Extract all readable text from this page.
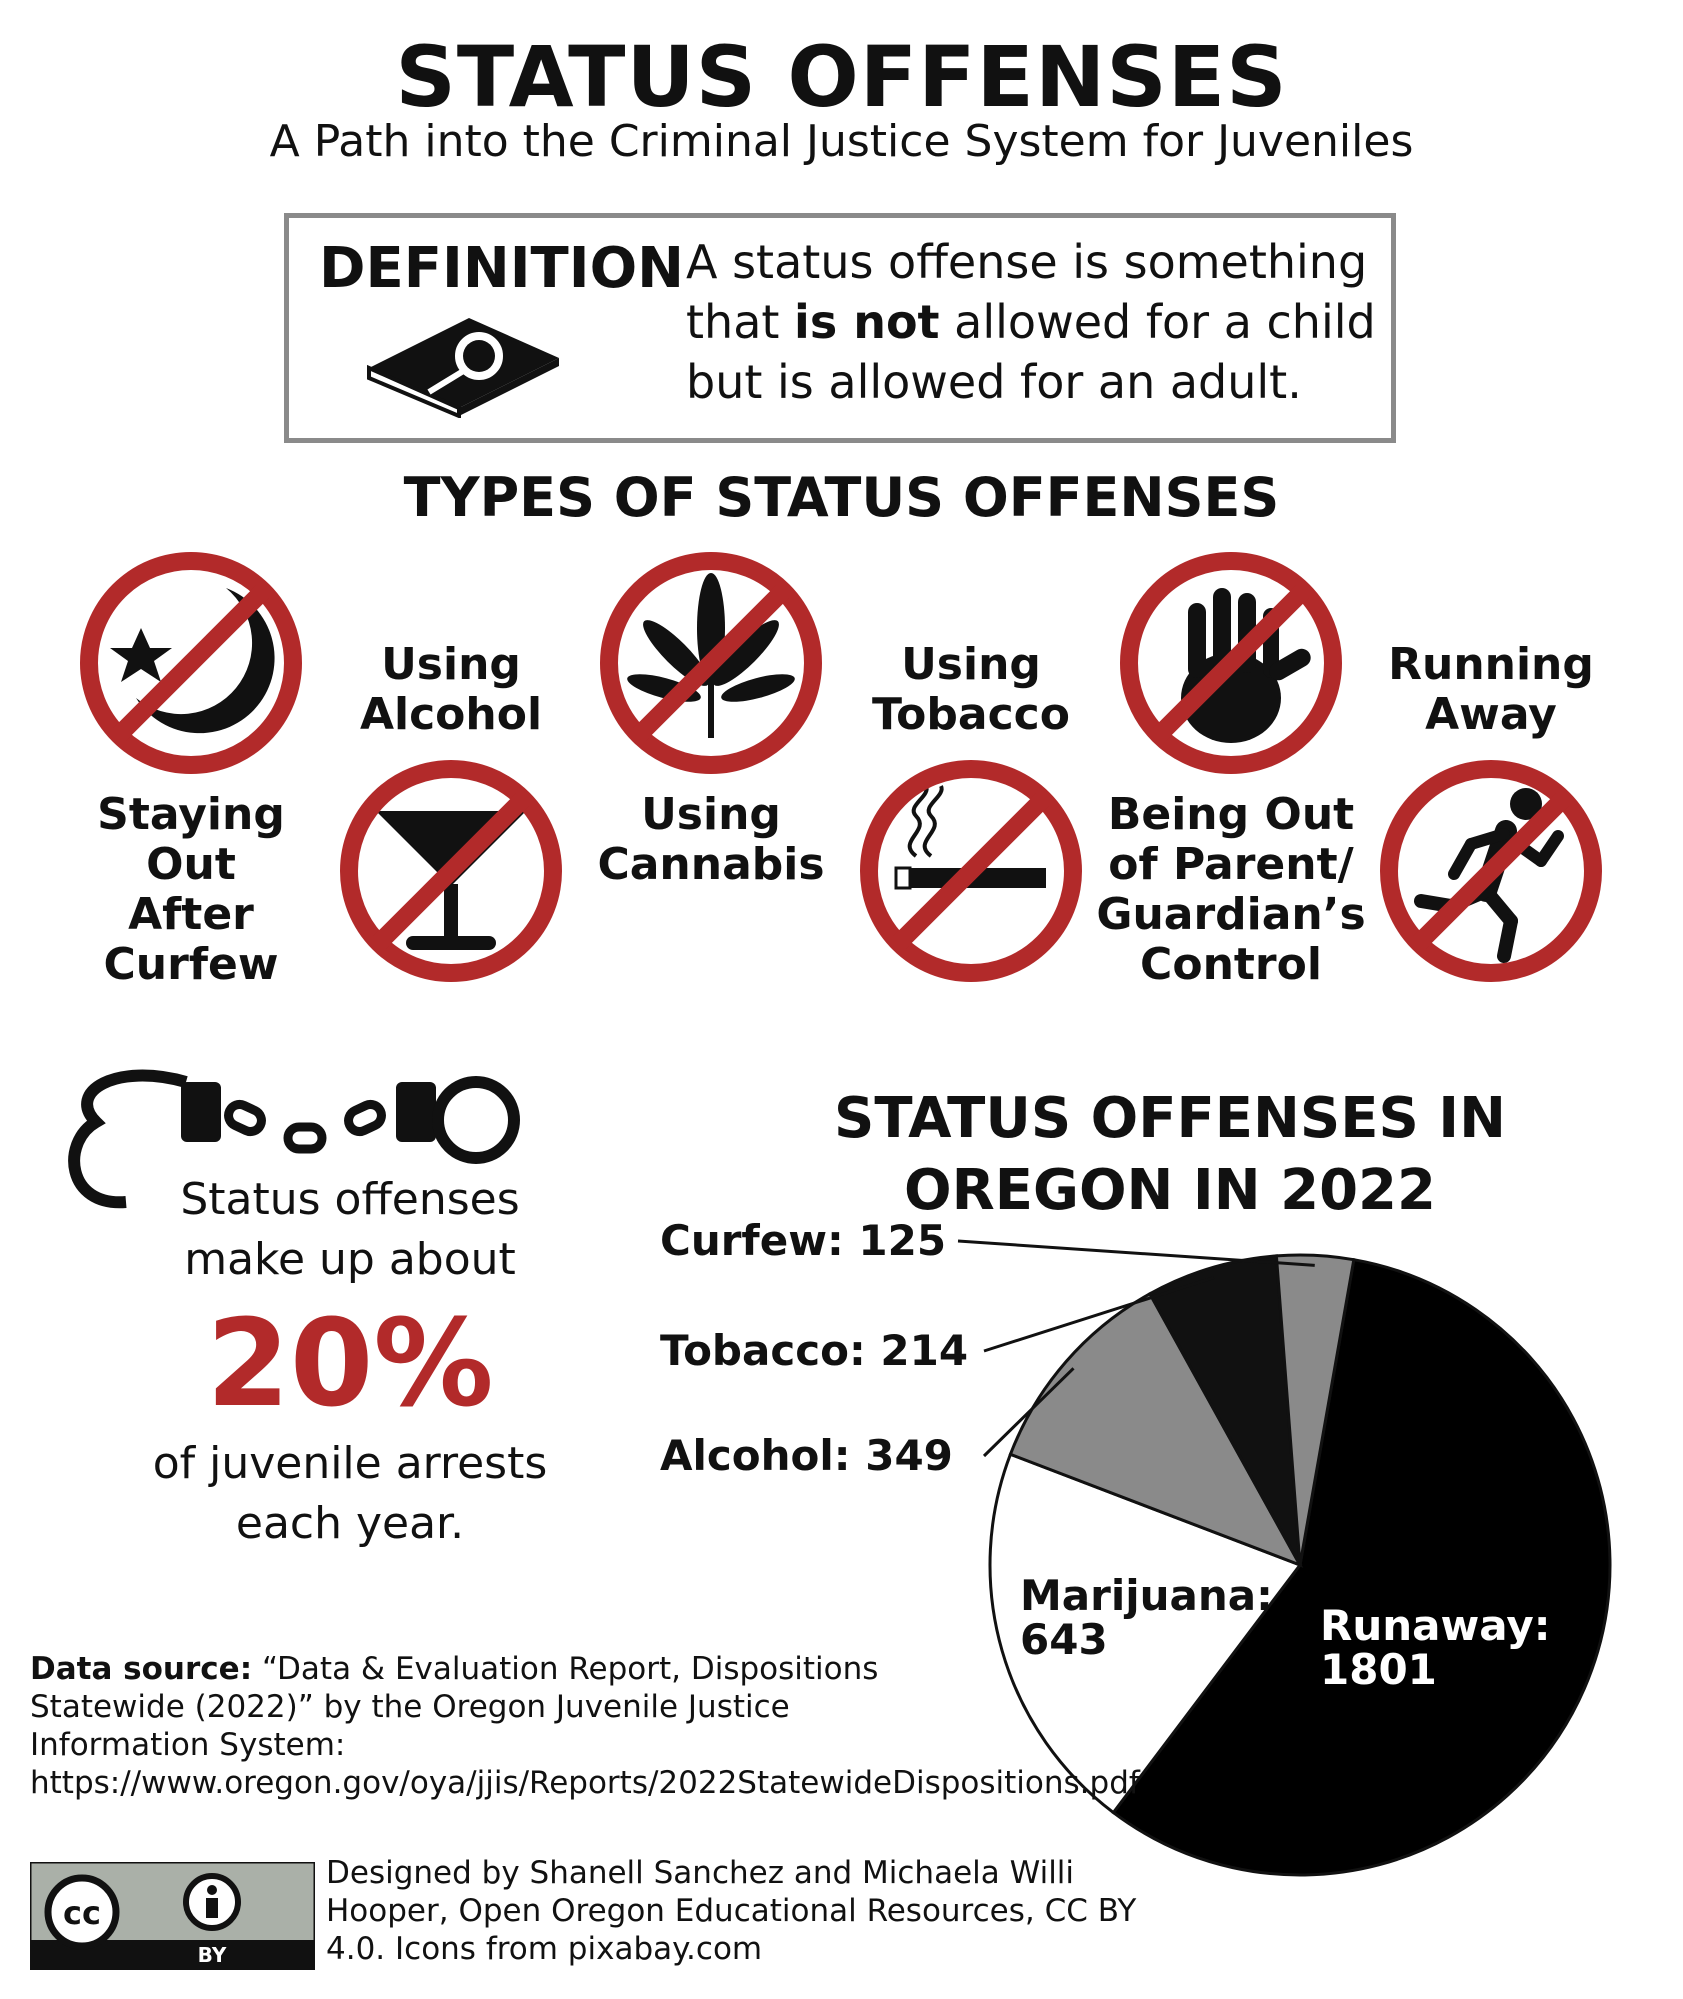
STATUS OFFENSES
A Path into the Criminal Justice System for Juveniles
DEFINITION A status offense is something that is not allowed for a child but is allowed for an adult.
TYPES OF STATUS OFFENSES
Staying Out After Curfew
Using Alcohol
Using Cannabis
Using Tobacco
Being Out of Parent/ Guardian’s Control
Running Away
Status offenses make up about
20%
of juvenile arrests each year.
STATUS OFFENSES IN OREGON IN 2022
Runaway: 1801
Marijuana: 643
Curfew: 125
Tobacco: 214
Alcohol: 349
Data source: “Data & Evaluation Report, Dispositions Statewide (2022)” by the Oregon Juvenile Justice Information System: https://www.oregon.gov/oya/jjis/Reports/2022StatewideDispositions.pdf
cc
BY
Designed by Shanell Sanchez and Michaela Willi Hooper, Open Oregon Educational Resources, CC BY 4.0. Icons from pixabay.com
